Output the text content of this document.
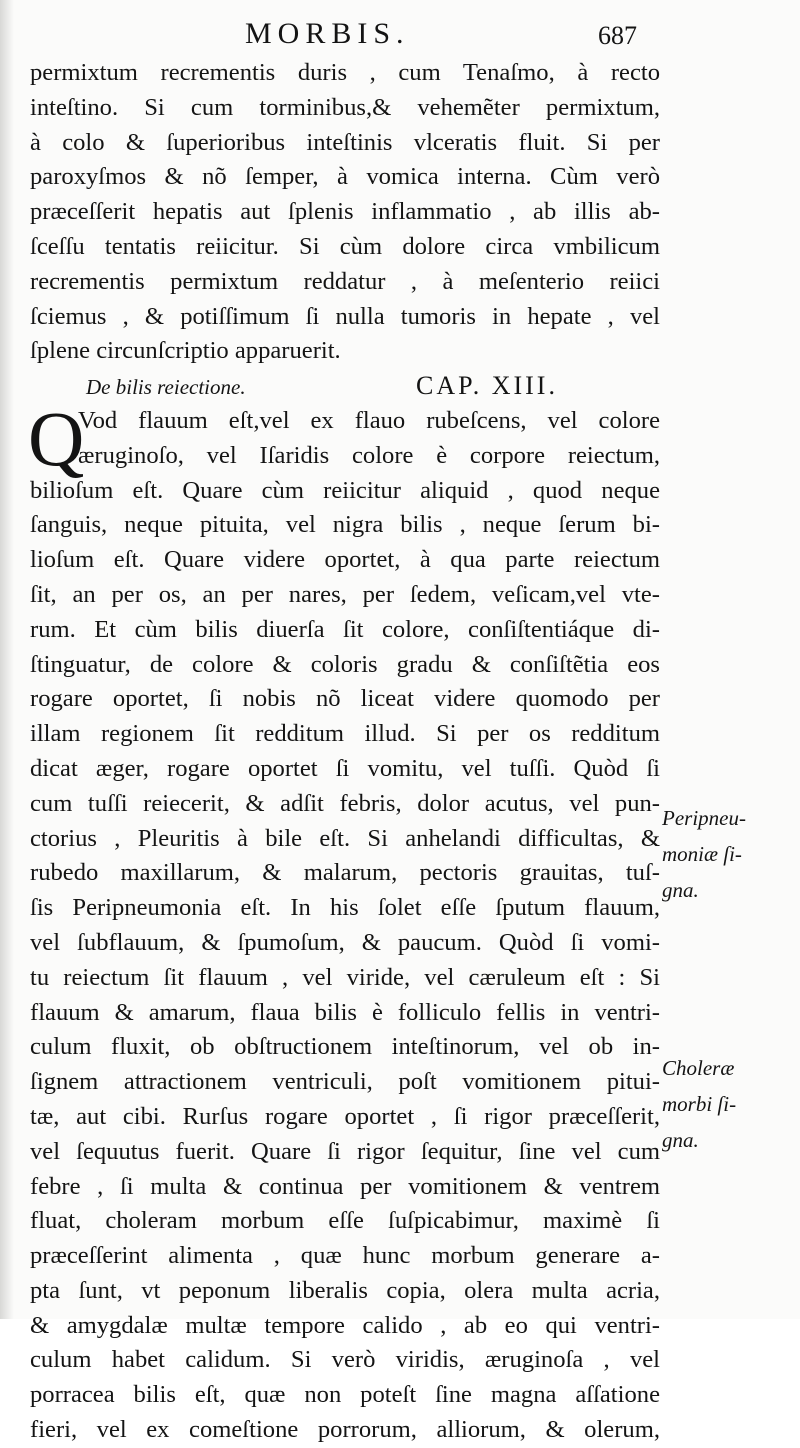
MORBIS.	687
permixtum recrementis duris , cum Tenaſmo, à recto
inteſtino. Si cum torminibus,& vehemẽter permixtum,
à colo & ſuperioribus inteſtinis vlceratis fluit. Si per
paroxyſmos & nõ ſemper, à vomica interna. Cùm verò
præceſſerit hepatis aut ſplenis inflammatio , ab illis ab-
ſceſſu tentatis reiicitur. Si cùm dolore circa vmbilicum
recrementis permixtum reddatur , à meſenterio reiici
ſciemus , & potiſſimum ſi nulla tumoris in hepate , vel
ſplene circunſcriptio apparuerit.
De bilis reiectione.	CAP. XIII.
Q
Vod flauum eſt,vel ex flauo rubeſcens, vel colore
æruginoſo, vel Iſaridis colore è corpore reiectum,
bilioſum eſt. Quare cùm reiicitur aliquid , quod neque
ſanguis, neque pituita, vel nigra bilis , neque ſerum bi-
lioſum eſt. Quare videre oportet, à qua parte reiectum
ſit, an per os, an per nares, per ſedem, veſicam,vel vte-
rum. Et cùm bilis diuerſa ſit colore, conſiſtentiáque di-
ſtinguatur, de colore & coloris gradu & conſiſtẽtia eos
rogare oportet, ſi nobis nõ liceat videre quomodo per
illam regionem ſit redditum illud. Si per os redditum
dicat æger, rogare oportet ſi vomitu, vel tuſſi. Quòd ſi
cum tuſſi reiecerit, & adſit febris, dolor acutus, vel pun-
ctorius , Pleuritis à bile eſt. Si anhelandi difficultas, &
rubedo maxillarum, & malarum, pectoris grauitas, tuſ-
ſis Peripneumonia eſt. In his ſolet eſſe ſputum flauum,
vel ſubflauum, & ſpumoſum, & paucum. Quòd ſi vomi-
tu reiectum ſit flauum , vel viride, vel cæruleum eſt : Si
flauum & amarum, flaua bilis è folliculo fellis in ventri-
culum fluxit, ob obſtructionem inteſtinorum, vel ob in-
ſignem attractionem ventriculi, poſt vomitionem pitui-
tæ, aut cibi. Rurſus rogare oportet , ſi rigor præceſſerit,
vel ſequutus fuerit. Quare ſi rigor ſequitur, ſine vel cum
febre , ſi multa & continua per vomitionem & ventrem
fluat, choleram morbum eſſe ſuſpicabimur, maximè ſi
præceſſerint alimenta , quæ hunc morbum generare a-
pta ſunt, vt peponum liberalis copia, olera multa acria,
& amygdalæ multæ tempore calido , ab eo qui ventri-
culum habet calidum. Si verò viridis, æruginoſa , vel
porracea bilis eſt, quæ non poteſt ſine magna aſſatione
fieri, vel ex comeſtione porrorum, alliorum, & olerum,
Peripneu-
moniæ ſi-
gna.
Choleræ
morbi ſi-
gna.
